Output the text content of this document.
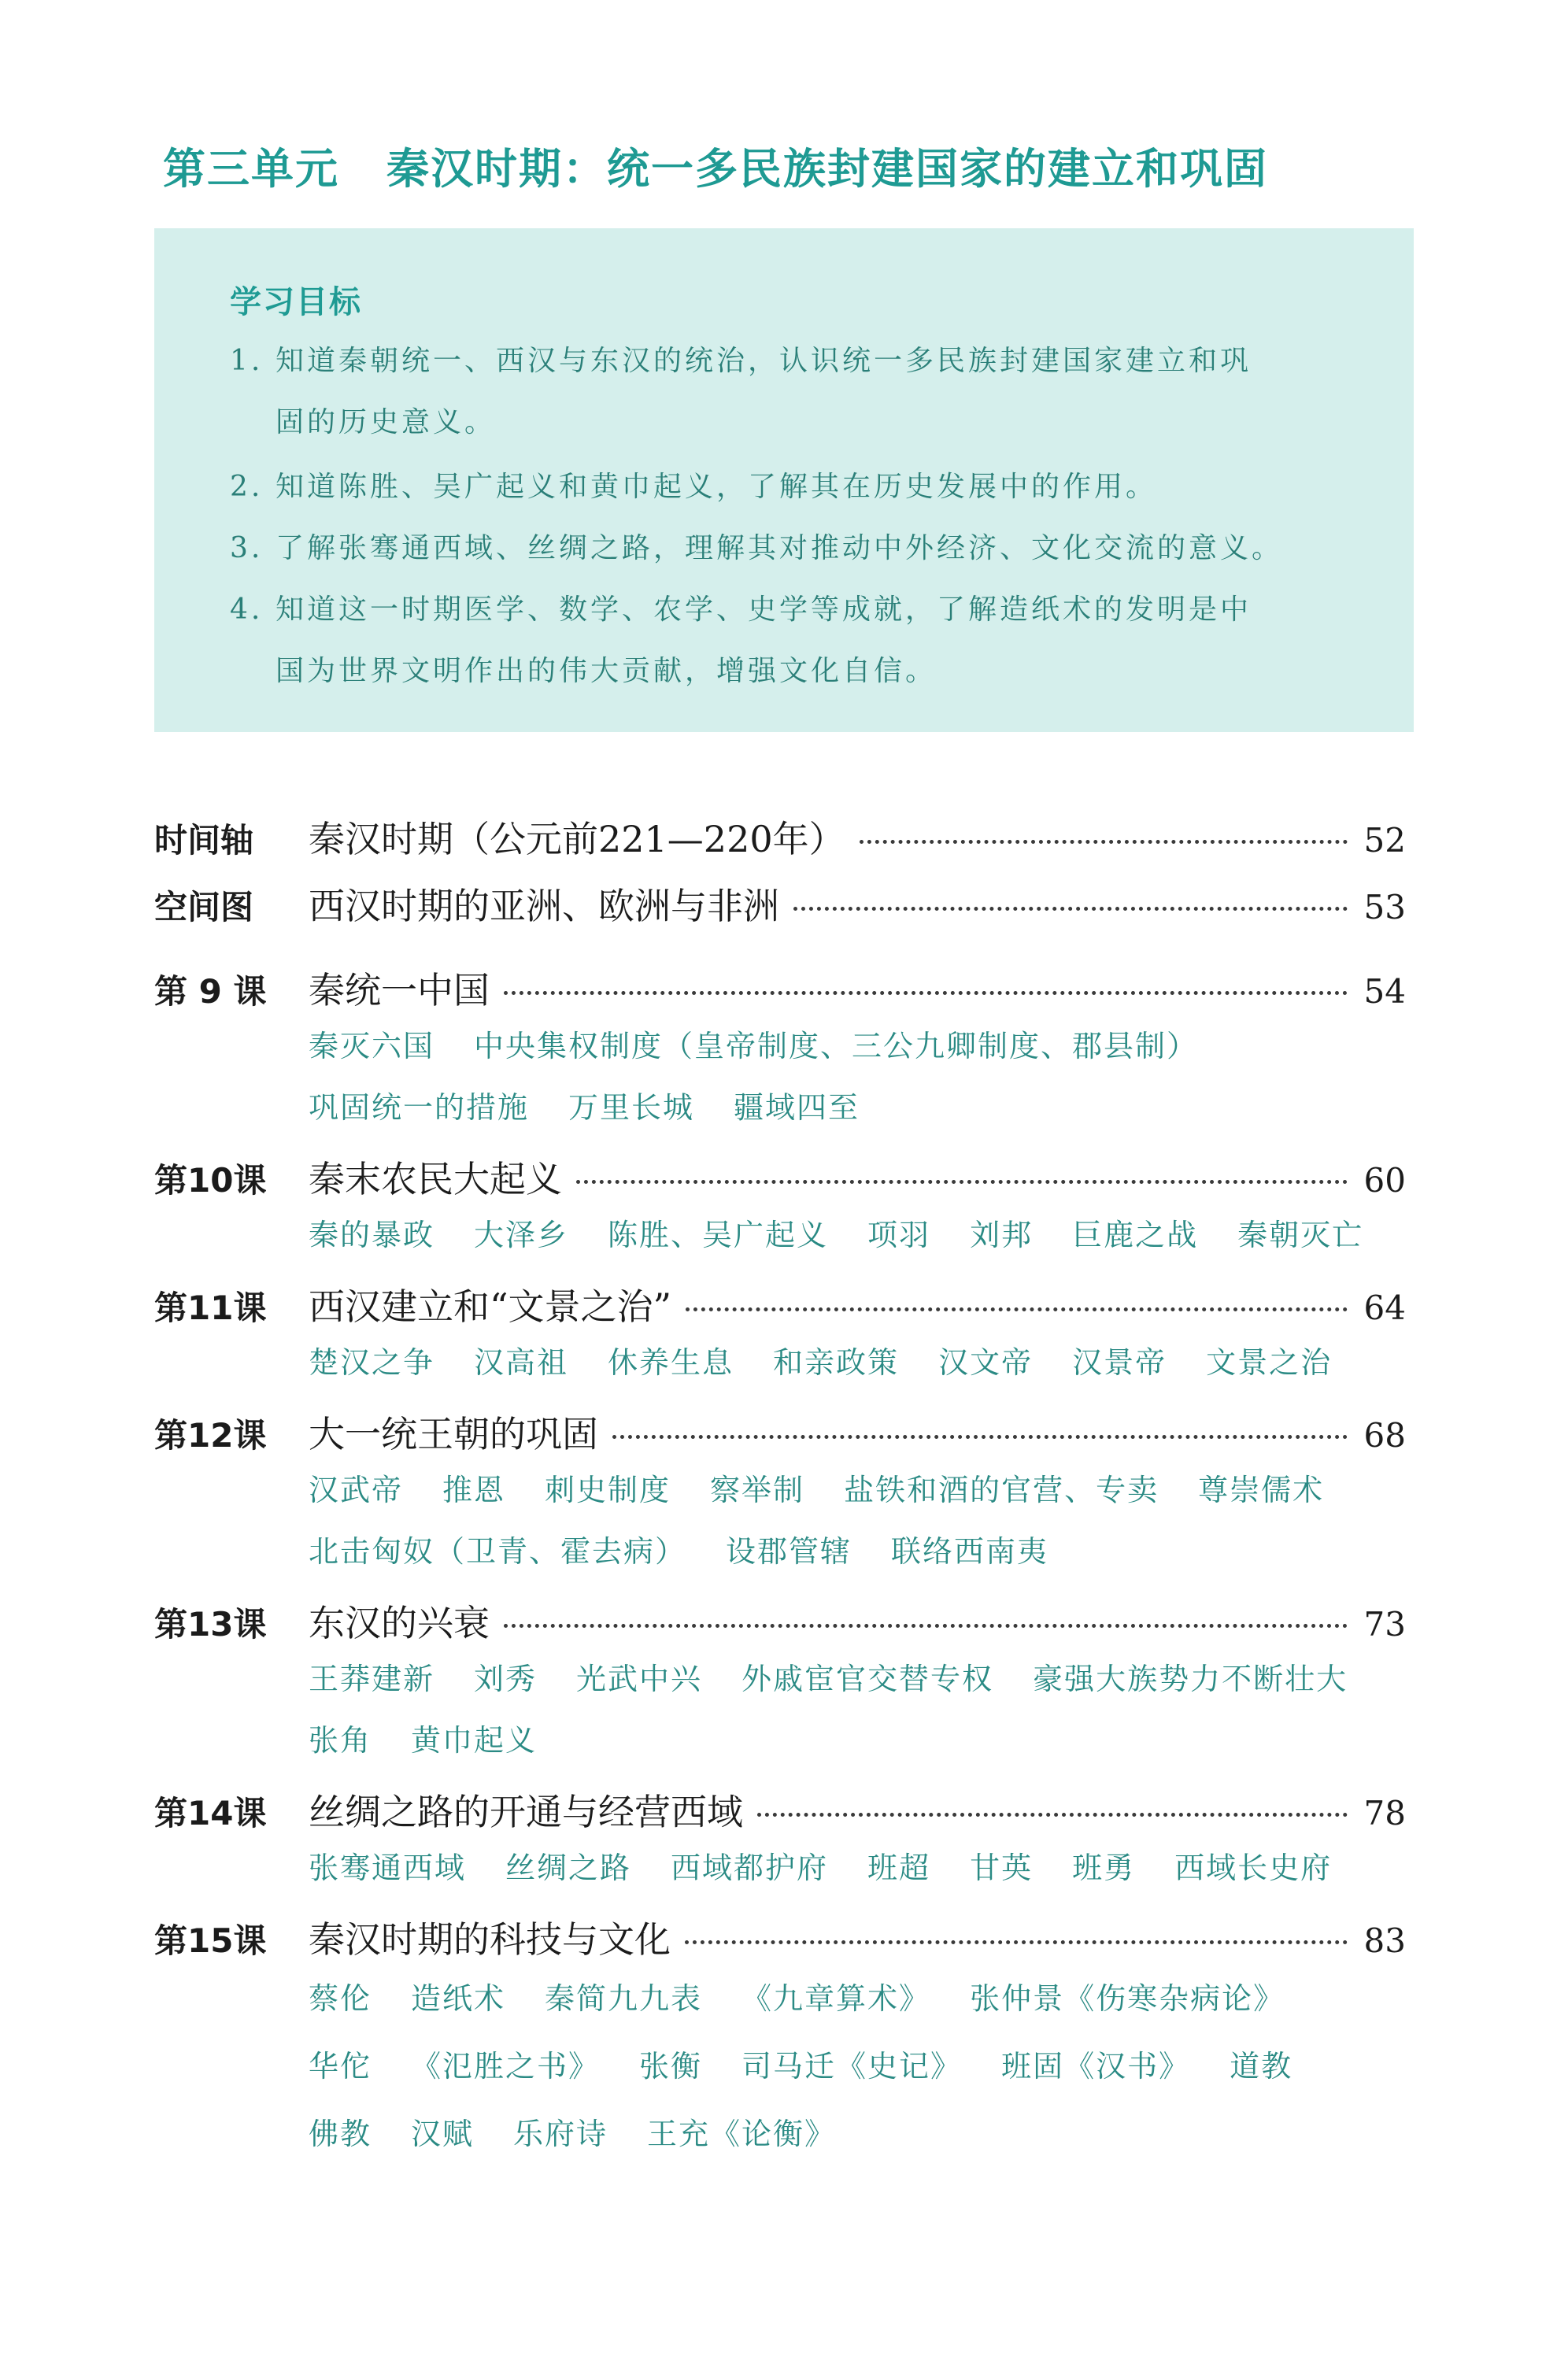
第三单元 秦汉时期：统一多民族封建国家的建立和巩固
学习目标
1. 知道秦朝统一、西汉与东汉的统治，认识统一多民族封建国家建立和巩
固的历史意义。
2. 知道陈胜、吴广起义和黄巾起义，了解其在历史发展中的作用。
3. 了解张骞通西域、丝绸之路，理解其对推动中外经济、文化交流的意义。
4. 知道这一时期医学、数学、农学、史学等成就，了解造纸术的发明是中
国为世界文明作出的伟大贡献，增强文化自信。
时间轴	秦汉时期（公元前221—220年）	52
空间图	西汉时期的亚洲、欧洲与非洲	53
第 9 课	秦统一中国	54
秦灭六国 中央集权制度（皇帝制度、三公九卿制度、郡县制）
巩固统一的措施 万里长城 疆域四至
第10课	秦末农民大起义	60
秦的暴政 大泽乡 陈胜、吴广起义 项羽 刘邦 巨鹿之战 秦朝灭亡
第11课	西汉建立和“文景之治”	64
楚汉之争 汉高祖 休养生息 和亲政策 汉文帝 汉景帝 文景之治
第12课	大一统王朝的巩固	68
汉武帝 推恩 刺史制度 察举制 盐铁和酒的官营、专卖 尊崇儒术
北击匈奴（卫青、霍去病） 设郡管辖 联络西南夷
第13课	东汉的兴衰	73
王莽建新 刘秀 光武中兴 外戚宦官交替专权 豪强大族势力不断壮大
张角 黄巾起义
第14课	丝绸之路的开通与经营西域	78
张骞通西域 丝绸之路 西域都护府 班超 甘英 班勇 西域长史府
第15课	秦汉时期的科技与文化	83
蔡伦 造纸术 秦简九九表 《九章算术》 张仲景《伤寒杂病论》
华佗 《氾胜之书》 张衡 司马迁《史记》 班固《汉书》 道教
佛教 汉赋 乐府诗 王充《论衡》
